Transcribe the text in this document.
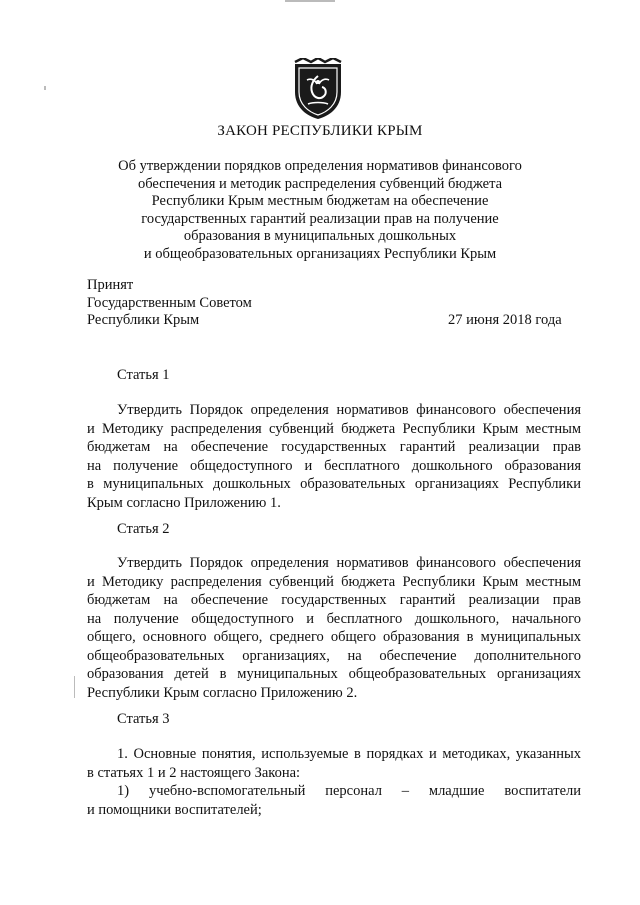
ЗАКОН РЕСПУБЛИКИ КРЫМ
Об утверждении порядков определения нормативов финансового
обеспечения и методик распределения субвенций бюджета
Республики Крым местным бюджетам на обеспечение
государственных гарантий реализации прав на получение
образования в муниципальных дошкольных
и общеобразовательных организациях Республики Крым
Принят
Государственным Советом
Республики Крым	27 июня 2018 года
Статья 1
Утвердить Порядок определения нормативов финансового обеспечения
и Методику распределения субвенций бюджета Республики Крым местным
бюджетам на обеспечение государственных гарантий реализации прав
на получение общедоступного и бесплатного дошкольного образования
в муниципальных дошкольных образовательных организациях Республики
Крым согласно Приложению 1.
Статья 2
Утвердить Порядок определения нормативов финансового обеспечения
и Методику распределения субвенций бюджета Республики Крым местным
бюджетам на обеспечение государственных гарантий реализации прав
на получение общедоступного и бесплатного дошкольного, начального
общего, основного общего, среднего общего образования в муниципальных
общеобразовательных организациях, на обеспечение дополнительного
образования детей в муниципальных общеобразовательных организациях
Республики Крым согласно Приложению 2.
Статья 3
1. Основные понятия, используемые в порядках и методиках, указанных
в статьях 1 и 2 настоящего Закона:
1) учебно-вспомогательный персонал – младшие воспитатели
и помощники воспитателей;
